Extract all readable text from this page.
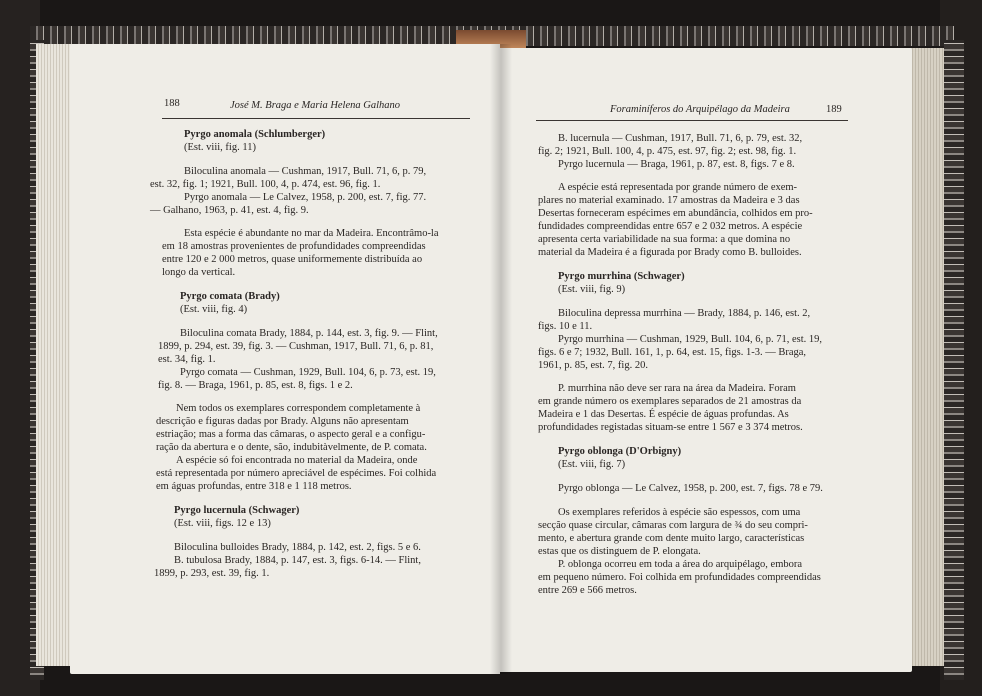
188	José M. Braga e Maria Helena Galhano
Pyrgo anomala (Schlumberger)
(Est. viii, fig. 11)
Biloculina anomala — Cushman, 1917, Bull. 71, 6, p. 79,
est. 32, fig. 1; 1921, Bull. 100, 4, p. 474, est. 96, fig. 1.
Pyrgo anomala — Le Calvez, 1958, p. 200, est. 7, fig. 77.
— Galhano, 1963, p. 41, est. 4, fig. 9.
Esta espécie é abundante no mar da Madeira. Encontrâmo-la
em 18 amostras provenientes de profundidades compreendidas
entre 120 e 2 000 metros, quase uniformemente distribuída ao
longo da vertical.
Pyrgo comata (Brady)
(Est. viii, fig. 4)
Biloculina comata Brady, 1884, p. 144, est. 3, fig. 9. — Flint,
1899, p. 294, est. 39, fig. 3. — Cushman, 1917, Bull. 71, 6, p. 81,
est. 34, fig. 1.
Pyrgo comata — Cushman, 1929, Bull. 104, 6, p. 73, est. 19,
fig. 8. — Braga, 1961, p. 85, est. 8, figs. 1 e 2.
Nem todos os exemplares correspondem completamente à
descrição e figuras dadas por Brady. Alguns não apresentam
estriação; mas a forma das câmaras, o aspecto geral e a configu-
ração da abertura e o dente, são, indubitàvelmente, de P. comata.
A espécie só foi encontrada no material da Madeira, onde
está representada por número apreciável de espécimes. Foi colhida
em águas profundas, entre 318 e 1 118 metros.
Pyrgo lucernula (Schwager)
(Est. viii, figs. 12 e 13)
Biloculina bulloides Brady, 1884, p. 142, est. 2, figs. 5 e 6.
B. tubulosa Brady, 1884, p. 147, est. 3, figs. 6-14. — Flint,
1899, p. 293, est. 39, fig. 1.
Foraminíferos do Arquipélago da Madeira	189
B. lucernula — Cushman, 1917, Bull. 71, 6, p. 79, est. 32,
fig. 2; 1921, Bull. 100, 4, p. 475, est. 97, fig. 2; est. 98, fig. 1.
Pyrgo lucernula — Braga, 1961, p. 87, est. 8, figs. 7 e 8.
A espécie está representada por grande número de exem-
plares no material examinado. 17 amostras da Madeira e 3 das
Desertas forneceram espécimes em abundância, colhidos em pro-
fundidades compreendidas entre 657 e 2 032 metros. A espécie
apresenta certa variabilidade na sua forma: a que domina no
material da Madeira é a figurada por Brady como B. bulloides.
Pyrgo murrhina (Schwager)
(Est. viii, fig. 9)
Biloculina depressa murrhina — Brady, 1884, p. 146, est. 2,
figs. 10 e 11.
Pyrgo murrhina — Cushman, 1929, Bull. 104, 6, p. 71, est. 19,
figs. 6 e 7; 1932, Bull. 161, 1, p. 64, est. 15, figs. 1-3. — Braga,
1961, p. 85, est. 7, fig. 20.
P. murrhina não deve ser rara na área da Madeira. Foram
em grande número os exemplares separados de 21 amostras da
Madeira e 1 das Desertas. É espécie de águas profundas. As
profundidades registadas situam-se entre 1 567 e 3 374 metros.
Pyrgo oblonga (D'Orbigny)
(Est. viii, fig. 7)
Pyrgo oblonga — Le Calvez, 1958, p. 200, est. 7, figs. 78 e 79.
Os exemplares referidos à espécie são espessos, com uma
secção quase circular, câmaras com largura de ¾ do seu compri-
mento, e abertura grande com dente muito largo, características
estas que os distinguem de P. elongata.
P. oblonga ocorreu em toda a área do arquipélago, embora
em pequeno número. Foi colhida em profundidades compreendidas
entre 269 e 566 metros.
